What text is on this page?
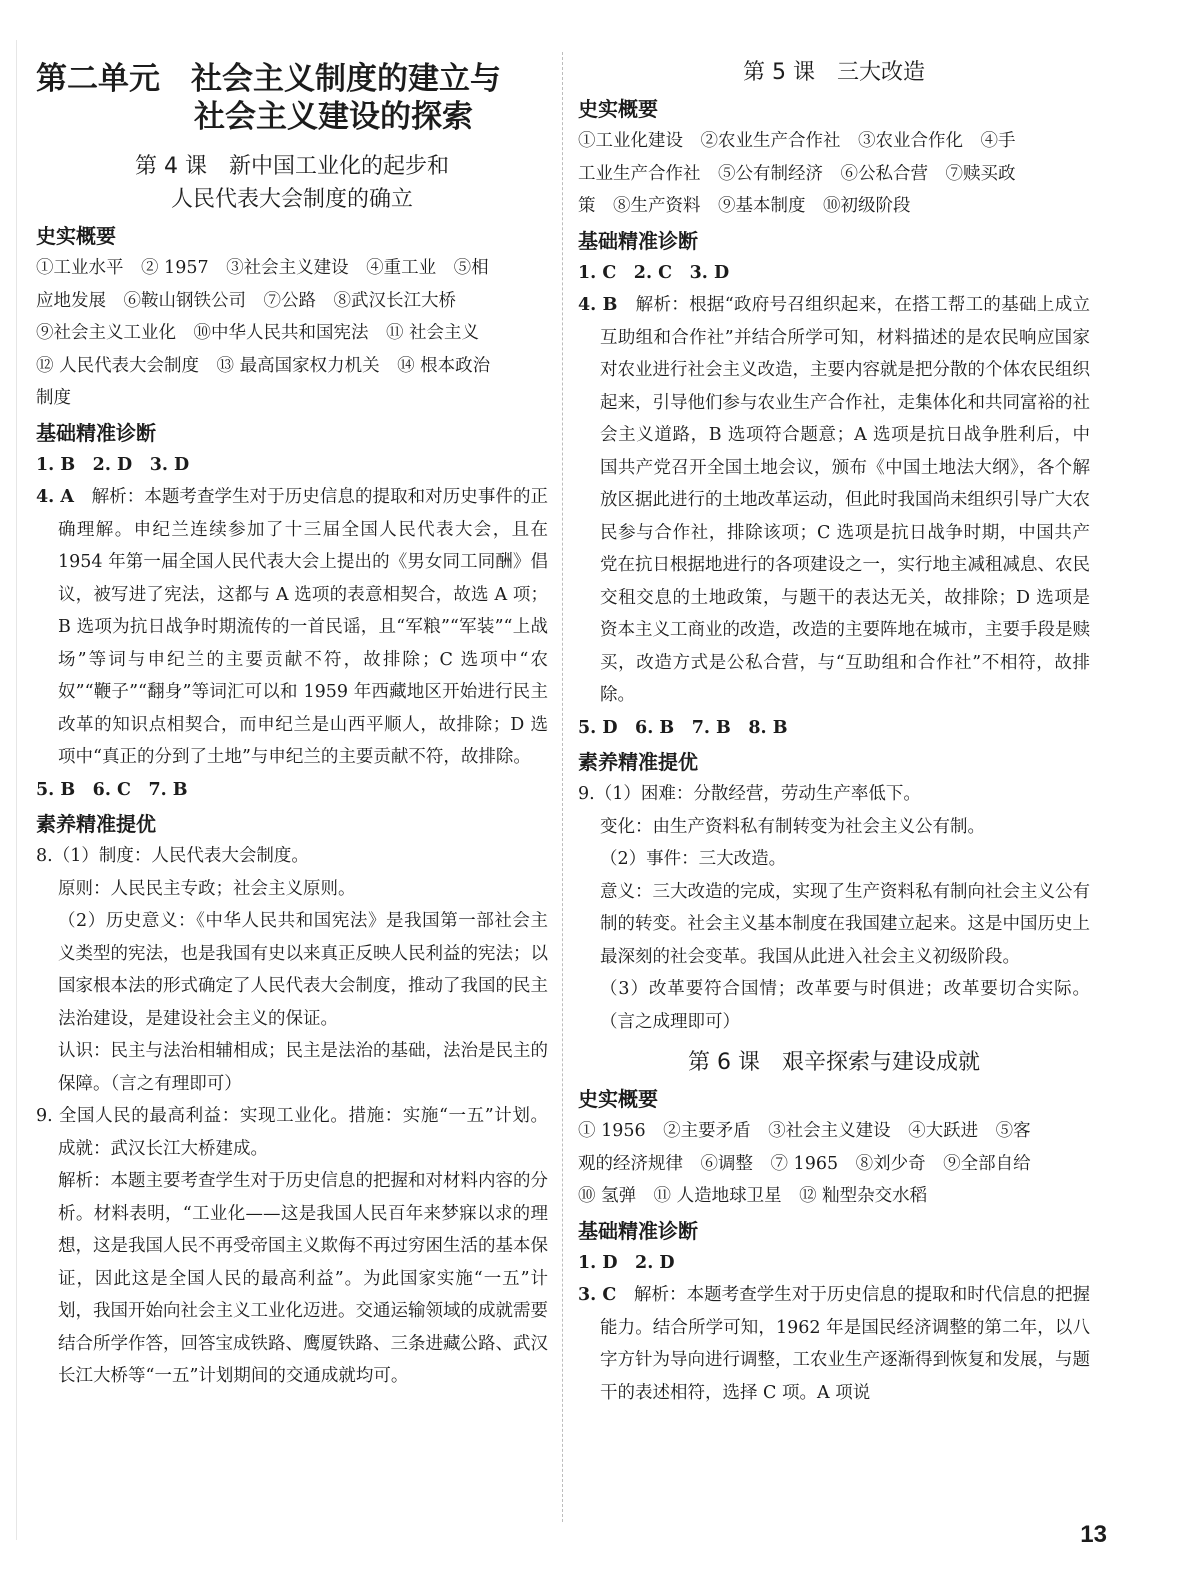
第二单元　社会主义制度的建立与
社会主义建设的探索
第 4 课　新中国工业化的起步和
人民代表大会制度的确立
史实概要

①工业水平　② 1957　③社会主义建设　④重工业　⑤相

应地发展　⑥鞍山钢铁公司　⑦公路　⑧武汉长江大桥

⑨社会主义工业化　⑩中华人民共和国宪法　⑪ 社会主义

⑫ 人民代表大会制度　⑬ 最高国家权力机关　⑭ 根本政治

制度

基础精准诊断

1. B　2. D　3. D

4. A　 解析：本题考查学生对于历史信息的提取和对历史事件的正确理解。申纪兰连续参加了十三届全国人民代表大会，且在 1954 年第一届全国人民代表大会上提出的《男女同工同酬》倡议，被写进了宪法，这都与 A 选项的表意相契合，故选 A 项；B 选项为抗日战争时期流传的一首民谣，且“军粮”“军装”“上战场”等词与申纪兰的主要贡献不符，故排除；C 选项中“农奴”“鞭子”“翻身”等词汇可以和 1959 年西藏地区开始进行民主改革的知识点相契合，而申纪兰是山西平顺人，故排除；D 选项中“真正的分到了土地”与申纪兰的主要贡献不符，故排除。

5. B　6. C　7. B

素养精准提优

8.（1）制度：人民代表大会制度。

原则：人民民主专政；社会主义原则。

（2）历史意义：《中华人民共和国宪法》是我国第一部社会主义类型的宪法，也是我国有史以来真正反映人民利益的宪法；以国家根本法的形式确定了人民代表大会制度，推动了我国的民主法治建设，是建设社会主义的保证。

认识：民主与法治相辅相成；民主是法治的基础，法治是民主的保障。（言之有理即可）

9. 全国人民的最高利益：实现工业化。措施：实施“一五”计划。成就：武汉长江大桥建成。

解析：本题主要考查学生对于历史信息的把握和对材料内容的分析。材料表明，“工业化——这是我国人民百年来梦寐以求的理想，这是我国人民不再受帝国主义欺侮不再过穷困生活的基本保证，因此这是全国人民的最高利益”。为此国家实施“一五”计划，我国开始向社会主义工业化迈进。交通运输领域的成就需要结合所学作答，回答宝成铁路、鹰厦铁路、三条进藏公路、武汉长江大桥等“一五”计划期间的交通成就均可。

第 5 课　三大改造
史实概要

①工业化建设　②农业生产合作社　③农业合作化　④手

工业生产合作社　⑤公有制经济　⑥公私合营　⑦赎买政

策　⑧生产资料　⑨基本制度　⑩初级阶段

基础精准诊断

1. C　2. C　3. D

4. B　 解析：根据“政府号召组织起来，在搭工帮工的基础上成立互助组和合作社”并结合所学可知，材料描述的是农民响应国家对农业进行社会主义改造，主要内容就是把分散的个体农民组织起来，引导他们参与农业生产合作社，走集体化和共同富裕的社会主义道路，B 选项符合题意；A 选项是抗日战争胜利后，中国共产党召开全国土地会议，颁布《中国土地法大纲》，各个解放区据此进行的土地改革运动，但此时我国尚未组织引导广大农民参与合作社，排除该项；C 选项是抗日战争时期，中国共产党在抗日根据地进行的各项建设之一，实行地主减租减息、农民交租交息的土地政策，与题干的表达无关，故排除；D 选项是资本主义工商业的改造，改造的主要阵地在城市，主要手段是赎买，改造方式是公私合营，与“互助组和合作社”不相符，故排除。

5. D　6. B　7. B　8. B

素养精准提优

9.（1）困难：分散经营，劳动生产率低下。

变化：由生产资料私有制转变为社会主义公有制。

（2）事件：三大改造。

意义：三大改造的完成，实现了生产资料私有制向社会主义公有制的转变。社会主义基本制度在我国建立起来。这是中国历史上最深刻的社会变革。我国从此进入社会主义初级阶段。

（3）改革要符合国情；改革要与时俱进；改革要切合实际。（言之成理即可）

第 6 课　艰辛探索与建设成就
史实概要

① 1956　②主要矛盾　③社会主义建设　④大跃进　⑤客

观的经济规律　⑥调整　⑦ 1965　⑧刘少奇　⑨全部自给

⑩ 氢弹　⑪ 人造地球卫星　⑫ 籼型杂交水稻

基础精准诊断

1. D　2. D

3. C　 解析：本题考查学生对于历史信息的提取和时代信息的把握能力。结合所学可知，1962 年是国民经济调整的第二年，以八字方针为导向进行调整，工农业生产逐渐得到恢复和发展，与题干的表述相符，选择 C 项。A 项说

13
